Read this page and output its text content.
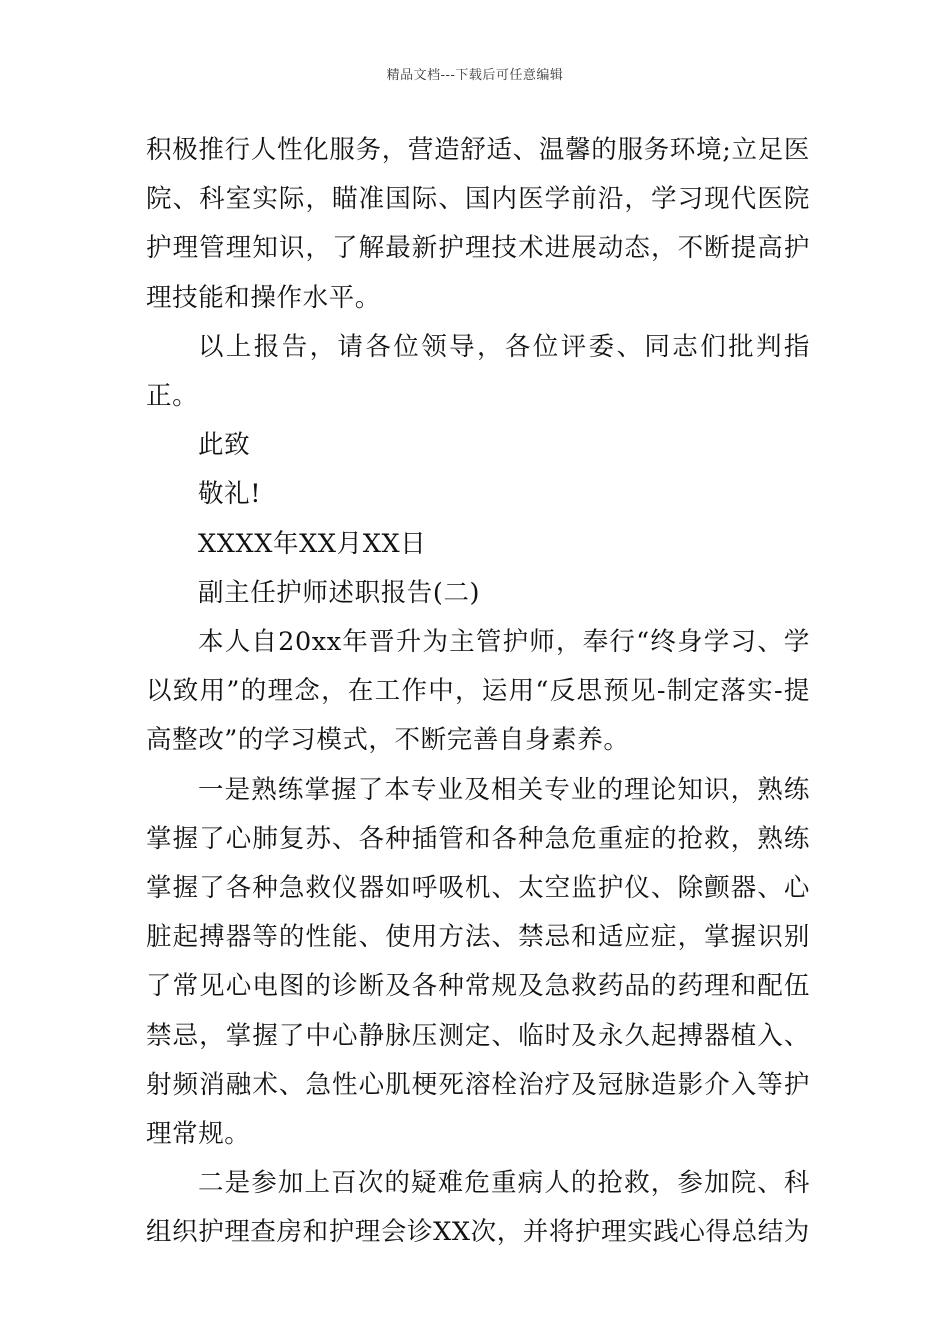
精品文档---下载后可任意编辑

积极推行人性化服务，营造舒适、温馨的服务环境;立足医院、科室实际，瞄准国际、国内医学前沿，学习现代医院护理管理知识，了解最新护理技术进展动态，不断提高护理技能和操作水平。

以上报告，请各位领导，各位评委、同志们批判指正。

此致

敬礼!

XXXX年XX月XX日

副主任护师述职报告(二)

本人自20xx年晋升为主管护师，奉行“终身学习、学以致用”的理念，在工作中，运用“反思预见-制定落实-提高整改”的学习模式，不断完善自身素养。

一是熟练掌握了本专业及相关专业的理论知识，熟练掌握了心肺复苏、各种插管和各种急危重症的抢救，熟练掌握了各种急救仪器如呼吸机、太空监护仪、除颤器、心脏起搏器等的性能、使用方法、禁忌和适应症，掌握识别了常见心电图的诊断及各种常规及急救药品的药理和配伍禁忌，掌握了中心静脉压测定、临时及永久起搏器植入、射频消融术、急性心肌梗死溶栓治疗及冠脉造影介入等护理常规。

二是参加上百次的疑难危重病人的抢救，参加院、科组织护理查房和护理会诊XX次，并将护理实践心得总结为
